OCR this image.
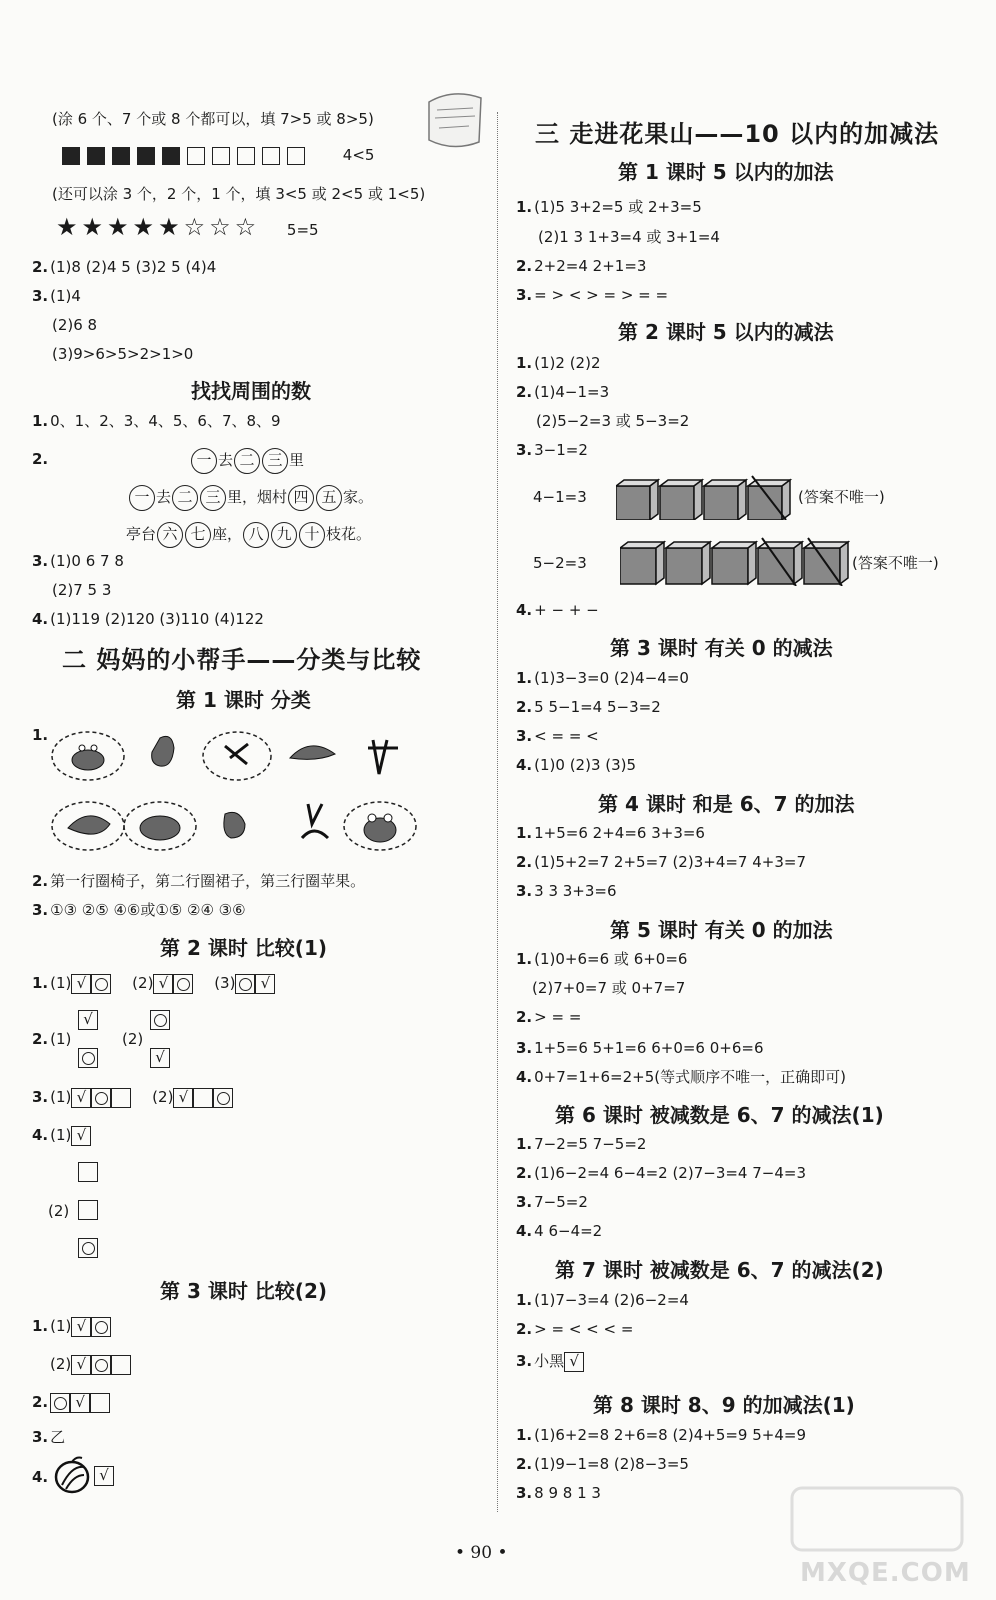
(涂 6 个、7 个或 8 个都可以，填 7>5 或 8>5)
4<5
(还可以涂 3 个，2 个，1 个，填 3<5 或 2<5 或 1<5)
★★★★★☆☆☆ 5=5
2. (1)8 (2)4 5 (3)2 5 (4)4
3. (1)4
(2)6 8
(3)9>6>5>2>1>0
找找周围的数
1. 0、1、2、3、4、5、6、7、8、9
2.	一 去 二 三 里
一 去 二 三 里，烟村 四 五 家。
亭台 六 七 座， 八 九 十 枝花。
3. (1)0 6 7 8
(2)7 5 3
4. (1)119 (2)120 (3)110 (4)122
二 妈妈的小帮手——分类与比较
第 1 课时 分类
1.
2. 第一行圈椅子，第二行圈裙子，第三行圈苹果。
3. ①③ ②⑤ ④⑥或①⑤ ②④ ③⑥
第 2 课时 比较(1)
1. (1) √	(2) √	(3) √
2. (1)
√
(2)
√
3. (1) √	(2) √
4. (1) √
(2)
第 3 课时 比较(2)
1. (1) √
(2) √
2. √
3. 乙
4.	√
三 走进花果山——10 以内的加减法
第 1 课时 5 以内的加法
1. (1)5 3+2=5 或 2+3=5
(2)1 3 1+3=4 或 3+1=4
2. 2+2=4 2+1=3
3. = > < > = > = =
第 2 课时 5 以内的减法
1. (1)2 (2)2
2. (1)4−1=3
(2)5−2=3 或 5−3=2
3. 3−1=2
4−1=3	(答案不唯一)
5−2=3	(答案不唯一)
4. + − + −
第 3 课时 有关 0 的减法
1. (1)3−3=0 (2)4−4=0
2. 5 5−1=4 5−3=2
3. < = = <
4. (1)0 (2)3 (3)5
第 4 课时 和是 6、7 的加法
1. 1+5=6 2+4=6 3+3=6
2. (1)5+2=7 2+5=7 (2)3+4=7 4+3=7
3. 3 3 3+3=6
第 5 课时 有关 0 的加法
1. (1)0+6=6 或 6+0=6
(2)7+0=7 或 0+7=7
2. > = =
3. 1+5=6 5+1=6 6+0=6 0+6=6
4. 0+7=1+6=2+5(等式顺序不唯一，正确即可)
第 6 课时 被减数是 6、7 的减法(1)
1. 7−2=5 7−5=2
2. (1)6−2=4 6−4=2 (2)7−3=4 7−4=3
3. 7−5=2
4. 4 6−4=2
第 7 课时 被减数是 6、7 的减法(2)
1. (1)7−3=4 (2)6−2=4
2. > = < < < =
3. 小黑 √
第 8 课时 8、9 的加减法(1)
1. (1)6+2=8 2+6=8 (2)4+5=9 5+4=9
2. (1)9−1=8 (2)8−3=5
3. 8 9 8 1 3
• 90 •
MXQE.COM
